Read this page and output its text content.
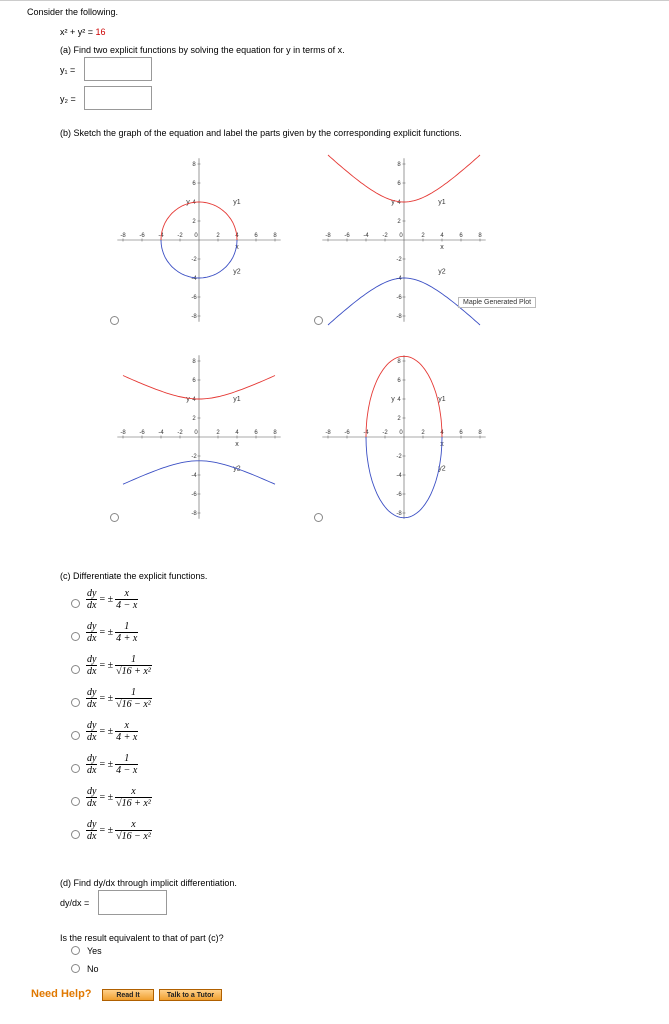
Consider the following.
x² + y² = 16
(a) Find two explicit functions by solving the equation for y in terms of x.
y₁ =
y₂ =
(b) Sketch the graph of the equation and label the parts given by the corresponding explicit functions.
-8 -6 -4 -2 0	2	4	6	8
8
6
4
2
-2
-4
-6
-8
x
y	y1
y2
-8 -6 -4 -2 0	2	4	6	8
8
6
4
2
-2
-4
-6
-8
x
y	y1
y2
-8 -6 -4 -2 0	2	4	6	8
8
6
4
2
-2
-4
-6
-8
x
y	y1
y2
-8 -6 -4 -2 0	2	4	6	8
8
6
4
2
-2
-4
-6
-8
x
y	y1
y2
Maple Generated Plot
(c) Differentiate the explicit functions.
$\frac{dy}{dx}$ = ± $\frac{x}{4 - x}$
$\frac{dy}{dx}$ = ± $\frac{1}{4 + x}$
$\frac{dy}{dx}$ = ± $\frac{1}{\text{√16 + x²}}$
$\frac{dy}{dx}$ = ± $\frac{1}{\text{√16 − x²}}$
$\frac{dy}{dx}$ = ± $\frac{x}{4 + x}$
$\frac{dy}{dx}$ = ± $\frac{1}{4 - x}$
$\frac{dy}{dx}$ = ± $\frac{x}{\text{√16 + x²}}$
$\frac{dy}{dx}$ = ± $\frac{x}{\text{√16 − x²}}$
(d) Find dy/dx through implicit differentiation.
dy/dx =
Is the result equivalent to that of part (c)?
Yes
No
Need Help?	Read It	Talk to a Tutor
